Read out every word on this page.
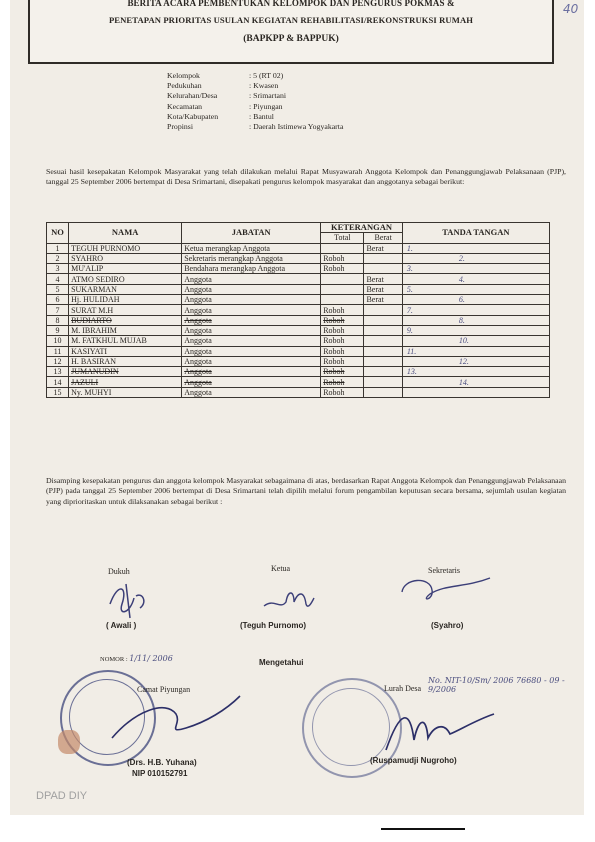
BERITA ACARA PEMBENTUKAN KELOMPOK DAN PENGURUS POKMAS &
PENETAPAN PRIORITAS USULAN KEGIATAN REHABILITASI/REKONSTRUKSI RUMAH
(BAPKPP & BAPPUK)
40
Kelompok	: 5 (RT 02)
Pedukuhan	: Kwasen
Kelurahan/Desa	: Srimartani
Kecamatan	: Piyungan
Kota/Kabupaten	: Bantul
Propinsi	: Daerah Istimewa Yogyakarta
Sesuai hasil kesepakatan Kelompok Masyarakat yang telah dilakukan melalui Rapat Musyawarah Anggota Kelompok dan Penanggungjawab Pelaksanaan (PJP), tanggal 25 September 2006 bertempat di Desa Srimartani, disepakati pengurus kelompok masyarakat dan anggotanya sebagai berikut:
NO	NAMA	JABATAN	KETERANGAN		TANDA TANGAN
			Total	Berat	
1	TEGUH PURNOMO	Ketua merangkap Anggota		Berat	1.
2	SYAHRO	Sekretaris merangkap Anggota	Roboh		2.
3	MU'ALIP	Bendahara merangkap Anggota	Roboh		3.
4	ATMO SEDIRO	Anggota		Berat	4.
5	SUKARMAN	Anggota		Berat	5.
6	Hj. HULIDAH	Anggota		Berat	6.
7	SURAT M.H	Anggota	Roboh		7.
8	BUDIARTO	Anggota	Roboh		8.
9	M. IBRAHIM	Anggota	Roboh		9.
10	M. FATKHUL MUJAB	Anggota	Roboh		10.
11	KASIYATI	Anggota	Roboh		11.
12	H. BASIRAN	Anggota	Roboh		12.
13	JUMANUDIN	Anggota	Roboh		13.
14	JAZULI	Anggota	Roboh		14.
15	Ny. MUHYI	Anggota	Roboh		
Disamping kesepakatan pengurus dan anggota kelompok Masyarakat sebagaimana di atas, berdasarkan Rapat Anggota Kelompok dan Penanggungjawab Pelaksanaan (PJP) pada tanggal 25 September 2006 bertempat di Desa Srimartani telah dipilih melalui forum pengambilan keputusan secara bersama, sejumlah usulan kegiatan yang diprioritaskan untuk dilaksanakan sebagai berikut :
Dukuh
( Awali )
Ketua
(Teguh Purnomo)
Sekretaris
(Syahro)
NOMOR : 1/11/ 2006	Mengetahui
Camat Piyungan
(Drs. H.B. Yuhana)
NIP 010152791
Lurah Desa
No. NIT-10/Sm/ 2006 76680 - 09 - 9/2006
(Ruspamudji Nugroho)
DPAD DIY
